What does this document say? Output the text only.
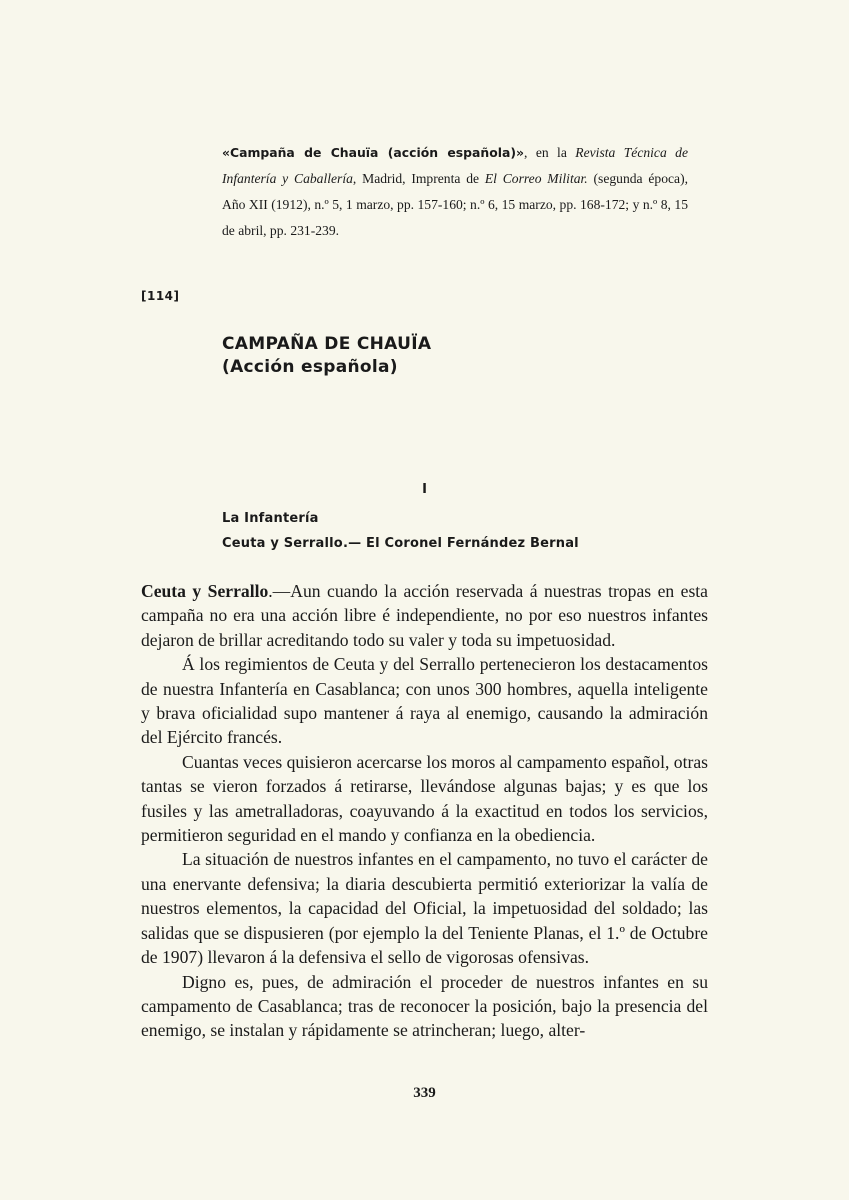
«Campaña de Chauïa (acción española)», en la Revista Técnica de Infantería y Caballería, Madrid, Imprenta de El Correo Militar. (segunda época), Año XII (1912), n.º 5, 1 marzo, pp. 157-160; n.º 6, 15 marzo, pp. 168-172; y n.º 8, 15 de abril, pp. 231-239.
[114]
CAMPAÑA DE CHAUÏA
(Acción española)
I
La Infantería
Ceuta y Serrallo.— El Coronel Fernández Bernal

Ceuta y Serrallo.—Aun cuando la acción reservada á nuestras tropas en esta campaña no era una acción libre é independiente, no por eso nuestros infantes dejaron de brillar acreditando todo su valer y toda su impetuosidad.

Á los regimientos de Ceuta y del Serrallo pertenecieron los destacamentos de nuestra Infantería en Casablanca; con unos 300 hombres, aquella inteligente y brava oficialidad supo mantener á raya al enemigo, causando la admiración del Ejército francés.

Cuantas veces quisieron acercarse los moros al campamento español, otras tantas se vieron forzados á retirarse, llevándose algunas bajas; y es que los fusiles y las ametralladoras, coayuvando á la exactitud en todos los servicios, permitieron seguridad en el mando y confianza en la obediencia.

La situación de nuestros infantes en el campamento, no tuvo el carácter de una enervante defensiva; la diaria descubierta permitió exteriorizar la valía de nuestros elementos, la capacidad del Oficial, la impetuosidad del soldado; las salidas que se dispusieren (por ejemplo la del Teniente Planas, el 1.º de Octubre de 1907) llevaron á la defensiva el sello de vigorosas ofensivas.

Digno es, pues, de admiración el proceder de nuestros infantes en su campamento de Casablanca; tras de reconocer la posición, bajo la presencia del enemigo, se instalan y rápidamente se atrincheran; luego, alter-

339
